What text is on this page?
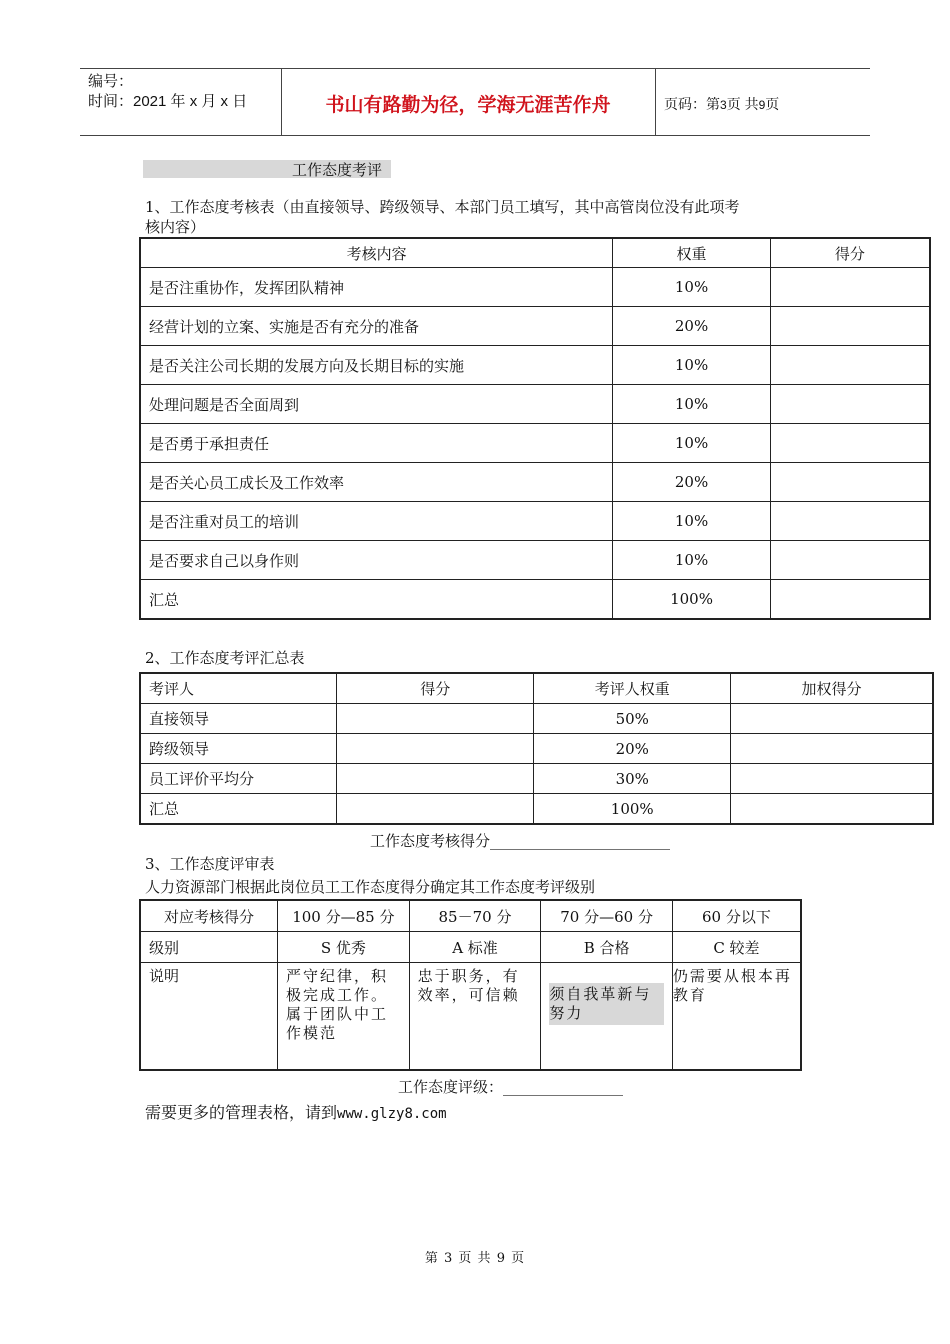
编号：
时间：2021 年 x 月 x 日	书山有路勤为径，学海无涯苦作舟	页码：第3页 共9页
工作态度考评
1、工作态度考核表（由直接领导、跨级领导、本部门员工填写，其中高管岗位没有此项考
核内容）
考核内容	权重	得分
是否注重协作，发挥团队精神	10%	
经营计划的立案、实施是否有充分的准备	20%	
是否关注公司长期的发展方向及长期目标的实施	10%	
处理问题是否全面周到	10%	
是否勇于承担责任	10%	
是否关心员工成长及工作效率	20%	
是否注重对员工的培训	10%	
是否要求自己以身作则	10%	
汇总	100%	
2、工作态度考评汇总表
考评人	得分	考评人权重	加权得分
直接领导		50%	
跨级领导		20%	
员工评价平均分		30%	
汇总		100%	
工作态度考核得分________________________
3、工作态度评审表
人力资源部门根据此岗位员工工作态度得分确定其工作态度考评级别
对应考核得分	100 分—85 分	85－70 分	70 分—60 分	60 分以下
级别	S 优秀	A 标准	B 合格	C 较差
说明	严守纪律，积极完成工作。属于团队中工作模范	忠于职务，有效率，可信赖	须自我革新与努力	仍需要从根本再教育
工作态度评级：________________
需要更多的管理表格，请到www.glzy8.com
第 3 页 共 9 页
